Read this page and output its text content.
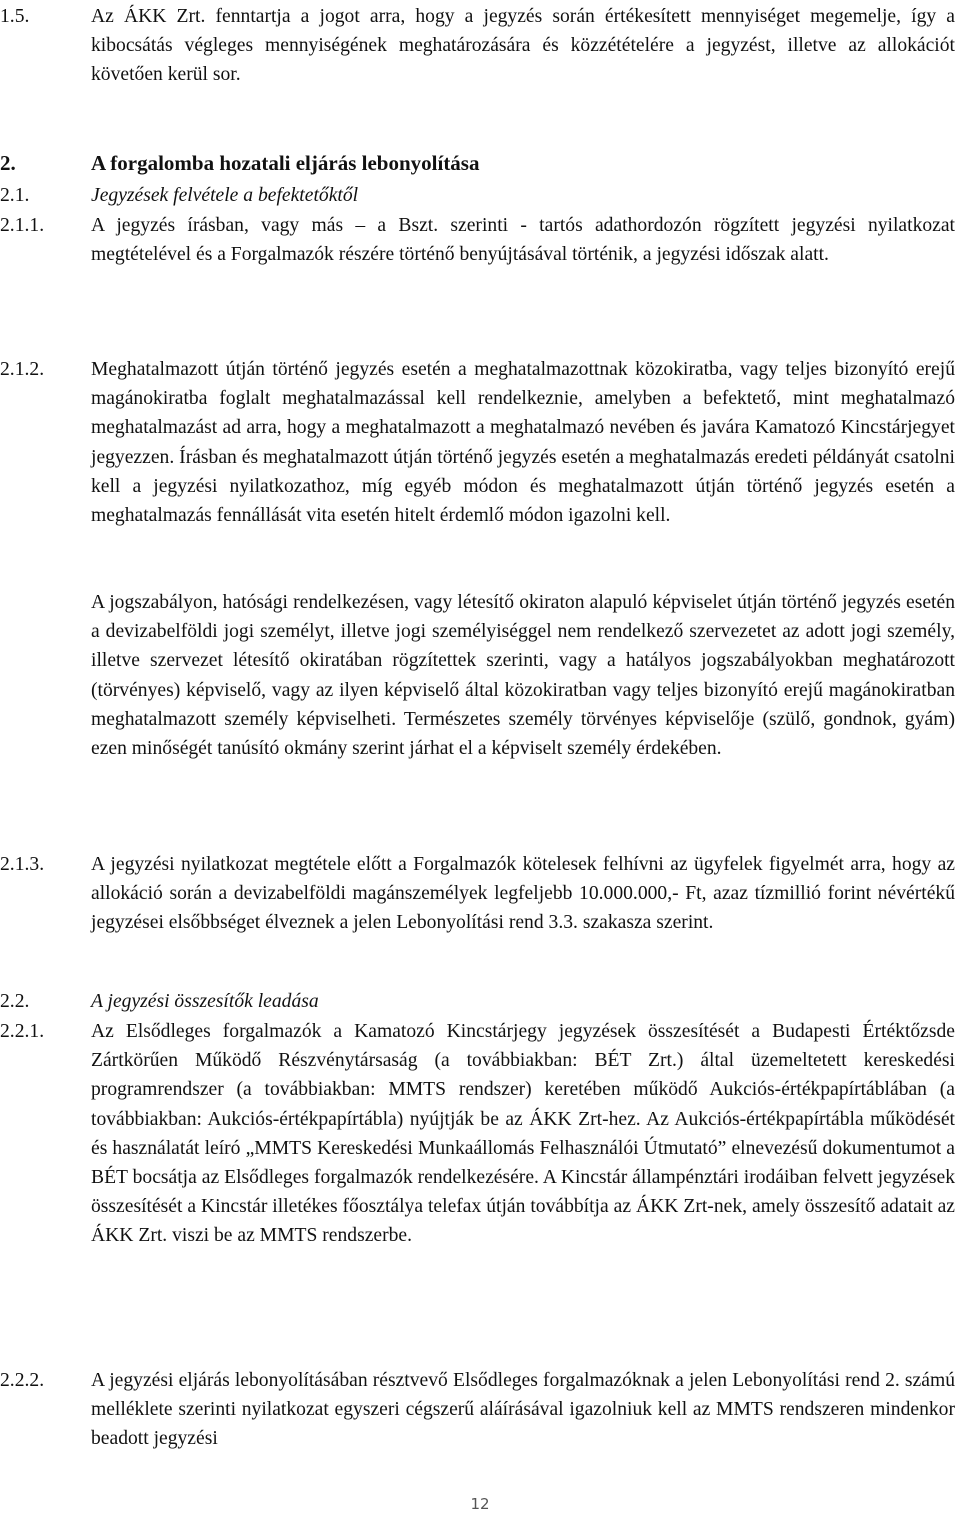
1.5.	Az ÁKK Zrt. fenntartja a jogot arra, hogy a jegyzés során értékesített mennyiséget megemelje, így a kibocsátás végleges mennyiségének meghatározására és közzétételére a jegyzést, illetve az allokációt követően kerül sor.
2.	A forgalomba hozatali eljárás lebonyolítása
2.1.	Jegyzések felvétele a befektetőktől
2.1.1. A jegyzés írásban, vagy más – a Bszt. szerinti - tartós adathordozón rögzített jegyzési nyilatkozat megtételével és a Forgalmazók részére történő benyújtásával történik, a jegyzési időszak alatt.
2.1.2. Meghatalmazott útján történő jegyzés esetén a meghatalmazottnak közokiratba, vagy teljes bizonyító erejű magánokiratba foglalt meghatalmazással kell rendelkeznie, amelyben a befektető, mint meghatalmazó meghatalmazást ad arra, hogy a meghatalmazott a meghatalmazó nevében és javára Kamatozó Kincstárjegyet jegyezzen. Írásban és meghatalmazott útján történő jegyzés esetén a meghatalmazás eredeti példányát csatolni kell a jegyzési nyilatkozathoz, míg egyéb módon és meghatalmazott útján történő jegyzés esetén a meghatalmazás fennállását vita esetén hitelt érdemlő módon igazolni kell.
A jogszabályon, hatósági rendelkezésen, vagy létesítő okiraton alapuló képviselet útján történő jegyzés esetén a devizabelföldi jogi személyt, illetve jogi személyiséggel nem rendelkező szervezetet az adott jogi személy, illetve szervezet létesítő okiratában rögzítettek szerinti, vagy a hatályos jogszabályokban meghatározott (törvényes) képviselő, vagy az ilyen képviselő által közokiratban vagy teljes bizonyító erejű magánokiratban meghatalmazott személy képviselheti. Természetes személy törvényes képviselője (szülő, gondnok, gyám) ezen minőségét tanúsító okmány szerint járhat el a képviselt személy érdekében.
2.1.3. A jegyzési nyilatkozat megtétele előtt a Forgalmazók kötelesek felhívni az ügyfelek figyelmét arra, hogy az allokáció során a devizabelföldi magánszemélyek legfeljebb 10.000.000,- Ft, azaz tízmillió forint névértékű jegyzései elsőbbséget élveznek a jelen Lebonyolítási rend 3.3. szakasza szerint.
2.2.	A jegyzési összesítők leadása
2.2.1. Az Elsődleges forgalmazók a Kamatozó Kincstárjegy jegyzések összesítését a Budapesti Értéktőzsde Zártkörűen Működő Részvénytársaság (a továbbiakban: BÉT Zrt.) által üzemeltetett kereskedési programrendszer (a továbbiakban: MMTS rendszer) keretében működő Aukciós-értékpapírtáblában (a továbbiakban: Aukciós-értékpapírtábla) nyújtják be az ÁKK Zrt-hez. Az Aukciós-értékpapírtábla működését és használatát leíró „MMTS Kereskedési Munkaállomás Felhasználói Útmutató” elnevezésű dokumentumot a BÉT bocsátja az Elsődleges forgalmazók rendelkezésére. A Kincstár állampénztári irodáiban felvett jegyzések összesítését a Kincstár illetékes főosztálya telefax útján továbbítja az ÁKK Zrt-nek, amely összesítő adatait az ÁKK Zrt. viszi be az MMTS rendszerbe.
2.2.2. A jegyzési eljárás lebonyolításában résztvevő Elsődleges forgalmazóknak a jelen Lebonyolítási rend 2. számú melléklete szerinti nyilatkozat egyszeri cégszerű aláírásával igazolniuk kell az MMTS rendszeren mindenkor beadott jegyzési
12
